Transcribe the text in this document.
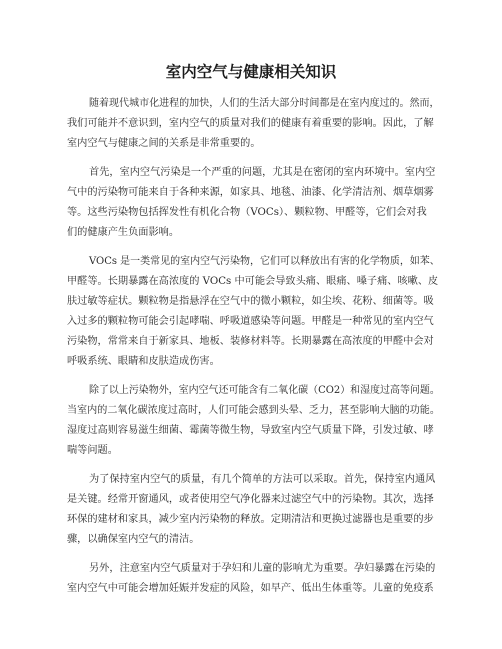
室内空气与健康相关知识
随着现代城市化进程的加快，人们的生活大部分时间都是在室内度过的。然而，
我们可能并不意识到，室内空气的质量对我们的健康有着重要的影响。因此，了解
室内空气与健康之间的关系是非常重要的。
首先，室内空气污染是一个严重的问题，尤其是在密闭的室内环境中。室内空
气中的污染物可能来自于各种来源，如家具、地毯、油漆、化学清洁剂、烟草烟雾
等。这些污染物包括挥发性有机化合物（VOCs）、颗粒物、甲醛等，它们会对我
们的健康产生负面影响。
VOCs 是一类常见的室内空气污染物，它们可以释放出有害的化学物质，如苯、
甲醛等。长期暴露在高浓度的 VOCs 中可能会导致头痛、眼痛、嗓子痛、咳嗽、皮
肤过敏等症状。颗粒物是指悬浮在空气中的微小颗粒，如尘埃、花粉、细菌等。吸
入过多的颗粒物可能会引起哮喘、呼吸道感染等问题。甲醛是一种常见的室内空气
污染物，常常来自于新家具、地板、装修材料等。长期暴露在高浓度的甲醛中会对
呼吸系统、眼睛和皮肤造成伤害。
除了以上污染物外，室内空气还可能含有二氧化碳（CO2）和湿度过高等问题。
当室内的二氧化碳浓度过高时，人们可能会感到头晕、乏力，甚至影响大脑的功能。
湿度过高则容易滋生细菌、霉菌等微生物，导致室内空气质量下降，引发过敏、哮
喘等问题。
为了保持室内空气的质量，有几个简单的方法可以采取。首先，保持室内通风
是关键。经常开窗通风，或者使用空气净化器来过滤空气中的污染物。其次，选择
环保的建材和家具，减少室内污染物的释放。定期清洁和更换过滤器也是重要的步
骤，以确保室内空气的清洁。
另外，注意室内空气质量对于孕妇和儿童的影响尤为重要。孕妇暴露在污染的
室内空气中可能会增加妊娠并发症的风险，如早产、低出生体重等。儿童的免疫系
